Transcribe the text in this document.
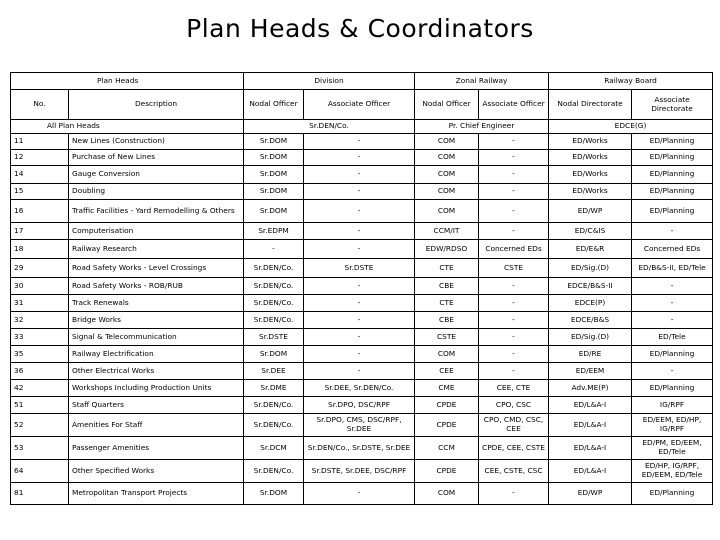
Plan Heads & Coordinators
Plan Heads		Division		Zonal Railway		Railway Board	
No.	Description	Nodal Officer	Associate Officer	Nodal Officer	Associate Officer	Nodal Directorate	Associate Directorate
All Plan Heads		Sr.DEN/Co.		Pr. Chief Engineer		EDCE(G)	
11	New Lines (Construction)	Sr.DOM	-	COM	-	ED/Works	ED/Planning
12	Purchase of New Lines	Sr.DOM	-	COM	-	ED/Works	ED/Planning
14	Gauge Conversion	Sr.DOM	-	COM	-	ED/Works	ED/Planning
15	Doubling	Sr.DOM	-	COM	-	ED/Works	ED/Planning
16	Traffic Facilities - Yard Remodelling & Others	Sr.DOM	-	COM	-	ED/WP	ED/Planning
17	Computerisation	Sr.EDPM	-	CCM/IT	-	ED/C&IS	-
18	Railway Research	-	-	EDW/RDSO	Concerned EDs	ED/E&R	Concerned EDs
29	Road Safety Works - Level Crossings	Sr.DEN/Co.	Sr.DSTE	CTE	CSTE	ED/Sig.(D)	ED/B&S-II, ED/Tele
30	Road Safety Works - ROB/RUB	Sr.DEN/Co.	-	CBE	-	EDCE/B&S-II	-
31	Track Renewals	Sr.DEN/Co.	-	CTE	-	EDCE(P)	-
32	Bridge Works	Sr.DEN/Co.	-	CBE	-	EDCE/B&S	-
33	Signal & Telecommunication	Sr.DSTE	-	CSTE	-	ED/Sig.(D)	ED/Tele
35	Railway Electrification	Sr.DOM	-	COM	-	ED/RE	ED/Planning
36	Other Electrical Works	Sr.DEE	-	CEE	-	ED/EEM	-
42	Workshops Including Production Units	Sr.DME	Sr.DEE, Sr.DEN/Co.	CME	CEE, CTE	Adv.ME(P)	ED/Planning
51	Staff Quarters	Sr.DEN/Co.	Sr.DPO, DSC/RPF	CPDE	CPO, CSC	ED/L&A-I	IG/RPF
52	Amenities For Staff	Sr.DEN/Co.	Sr.DPO, CMS, DSC/RPF, Sr.DEE	CPDE	CPO, CMD, CSC, CEE	ED/L&A-I	ED/EEM, ED/HP, IG/RPF
53	Passenger Amenities	Sr.DCM	Sr.DEN/Co., Sr.DSTE, Sr.DEE	CCM	CPDE, CEE, CSTE	ED/L&A-I	ED/PM, ED/EEM, ED/Tele
64	Other Specified Works	Sr.DEN/Co.	Sr.DSTE, Sr.DEE, DSC/RPF	CPDE	CEE, CSTE, CSC	ED/L&A-I	ED/HP, IG/RPF, ED/EEM, ED/Tele
81	Metropolitan Transport Projects	Sr.DOM	-	COM	-	ED/WP	ED/Planning
